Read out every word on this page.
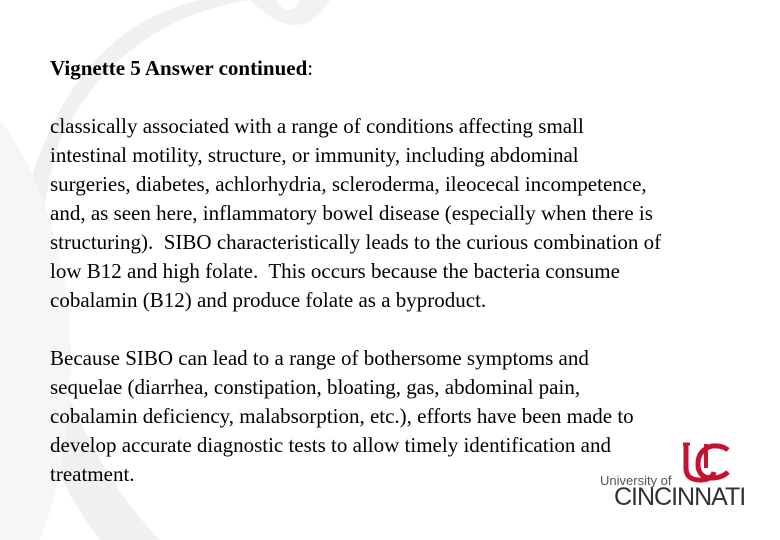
Vignette 5 Answer continued:
classically associated with a range of conditions affecting small
intestinal motility, structure, or immunity, including abdominal
surgeries, diabetes, achlorhydria, scleroderma, ileocecal incompetence,
and, as seen here, inflammatory bowel disease (especially when there is
structuring).  SIBO characteristically leads to the curious combination of
low B12 and high folate.  This occurs because the bacteria consume
cobalamin (B12) and produce folate as a byproduct.
Because SIBO can lead to a range of bothersome symptoms and
sequelae (diarrhea, constipation, bloating, gas, abdominal pain,
cobalamin deficiency, malabsorption, etc.), efforts have been made to
develop accurate diagnostic tests to allow timely identification and
treatment.	University of
CINCINNATI
